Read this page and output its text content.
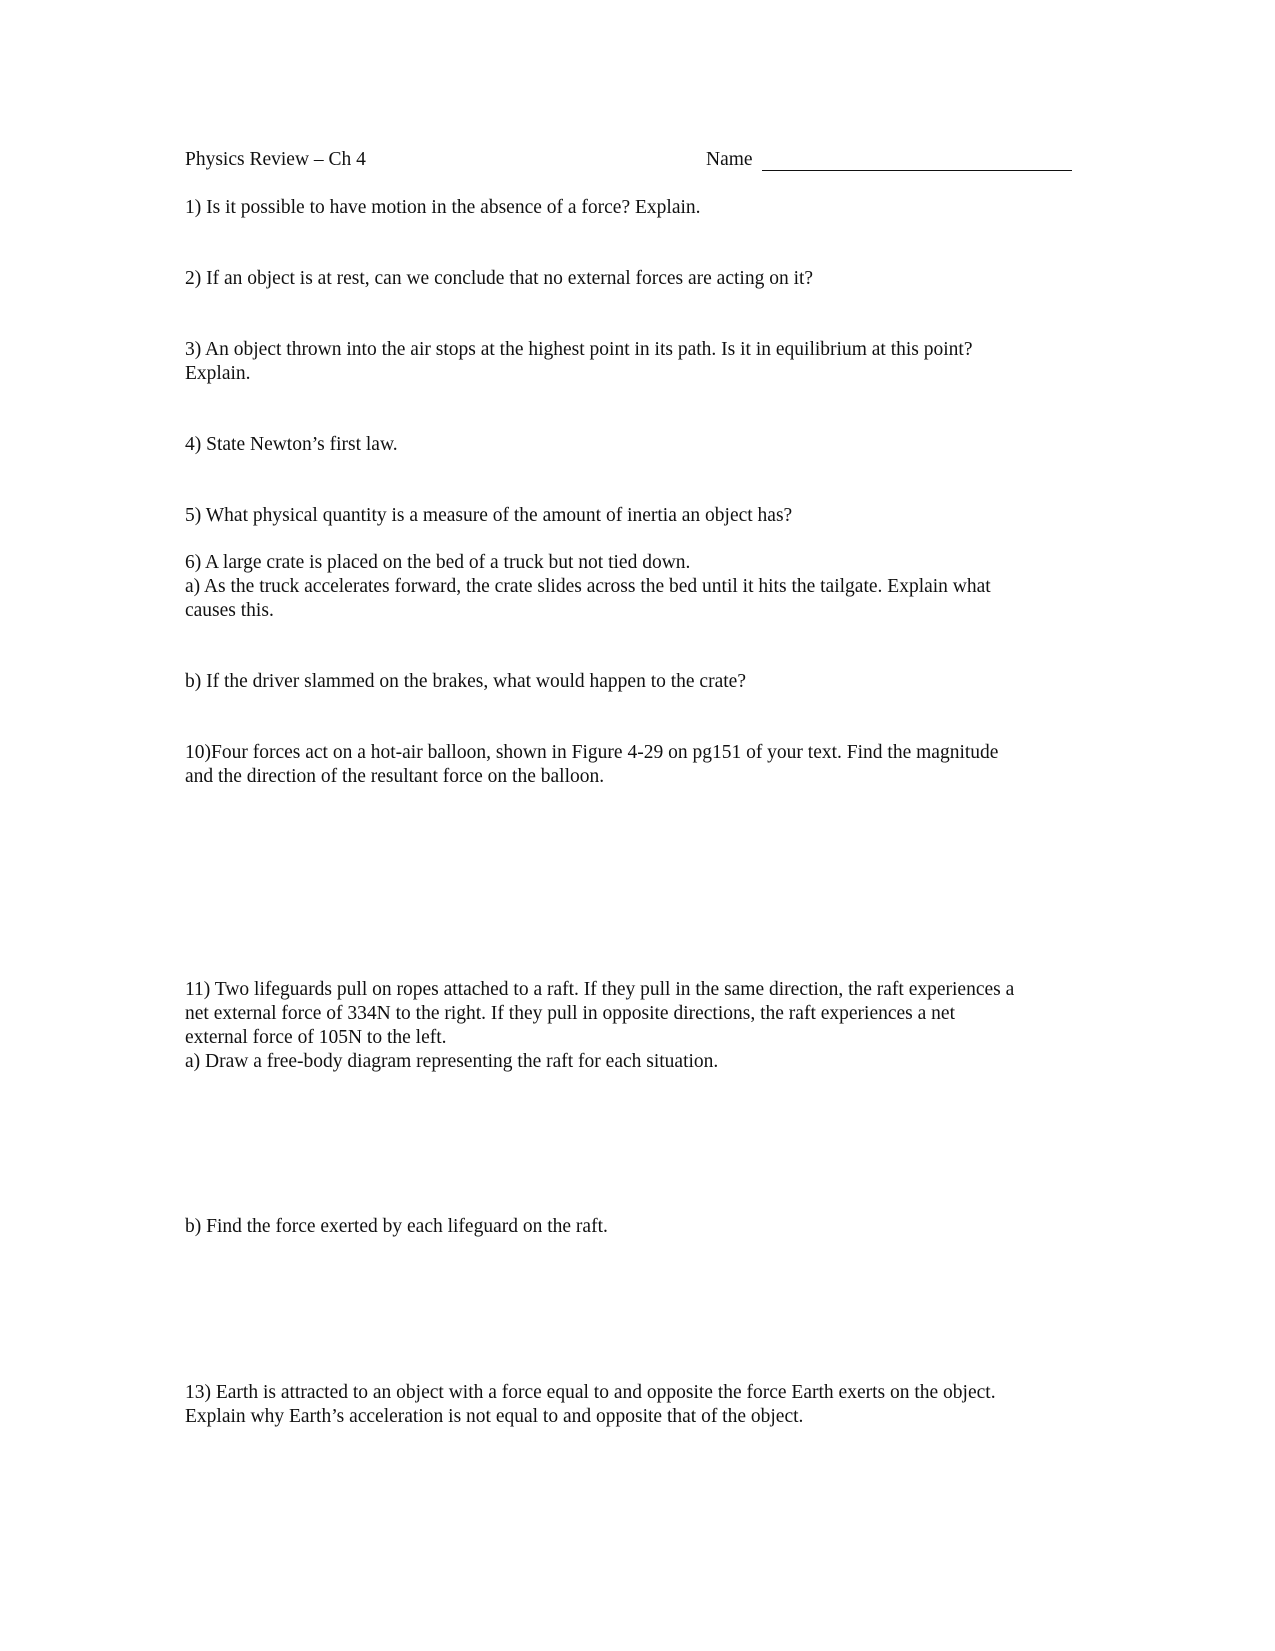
Physics Review – Ch 4	Name
1) Is it possible to have motion in the absence of a force? Explain.
2) If an object is at rest, can we conclude that no external forces are acting on it?
3) An object thrown into the air stops at the highest point in its path. Is it in equilibrium at this point?
Explain.
4) State Newton’s first law.
5) What physical quantity is a measure of the amount of inertia an object has?
6) A large crate is placed on the bed of a truck but not tied down.
a) As the truck accelerates forward, the crate slides across the bed until it hits the tailgate. Explain what
causes this.
b) If the driver slammed on the brakes, what would happen to the crate?
10)Four forces act on a hot-air balloon, shown in Figure 4-29 on pg151 of your text. Find the magnitude
and the direction of the resultant force on the balloon.
11) Two lifeguards pull on ropes attached to a raft. If they pull in the same direction, the raft experiences a
net external force of 334N to the right. If they pull in opposite directions, the raft experiences a net
external force of 105N to the left.
a) Draw a free-body diagram representing the raft for each situation.
b) Find the force exerted by each lifeguard on the raft.
13) Earth is attracted to an object with a force equal to and opposite the force Earth exerts on the object.
Explain why Earth’s acceleration is not equal to and opposite that of the object.
